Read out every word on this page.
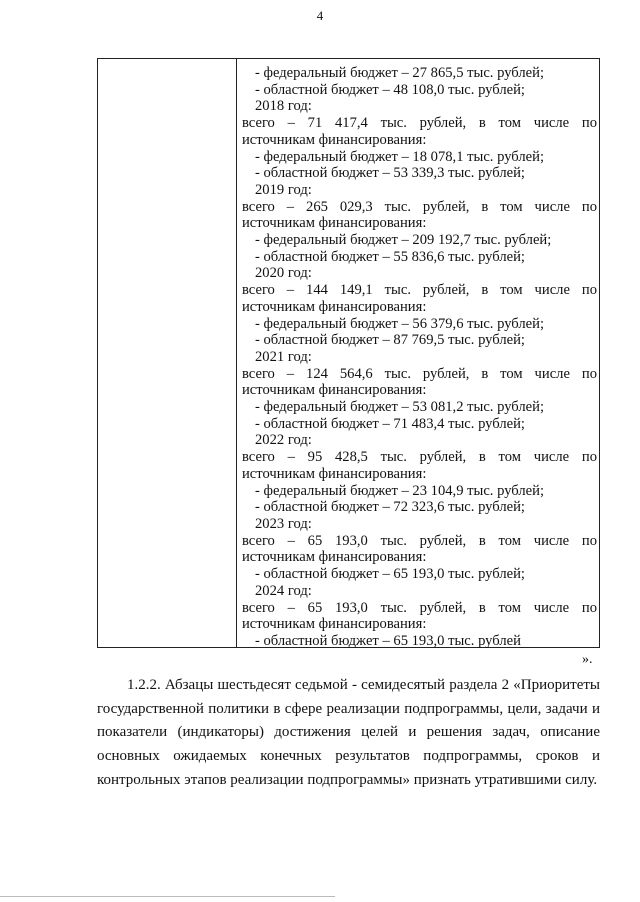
4
- федеральный бюджет – 27 865,5 тыс. рублей;
- областной бюджет – 48 108,0 тыс. рублей;
2018 год:
всего – 71 417,4 тыс. рублей, в том числе по
источникам финансирования:
- федеральный бюджет – 18 078,1 тыс. рублей;
- областной бюджет – 53 339,3 тыс. рублей;
2019 год:
всего – 265 029,3 тыс. рублей, в том числе по
источникам финансирования:
- федеральный бюджет – 209 192,7 тыс. рублей;
- областной бюджет – 55 836,6 тыс. рублей;
2020 год:
всего – 144 149,1 тыс. рублей, в том числе по
источникам финансирования:
- федеральный бюджет – 56 379,6 тыс. рублей;
- областной бюджет – 87 769,5 тыс. рублей;
2021 год:
всего – 124 564,6 тыс. рублей, в том числе по
источникам финансирования:
- федеральный бюджет – 53 081,2 тыс. рублей;
- областной бюджет – 71 483,4 тыс. рублей;
2022 год:
всего – 95 428,5 тыс. рублей, в том числе по
источникам финансирования:
- федеральный бюджет – 23 104,9 тыс. рублей;
- областной бюджет – 72 323,6 тыс. рублей;
2023 год:
всего – 65 193,0 тыс. рублей, в том числе по
источникам финансирования:
- областной бюджет – 65 193,0 тыс. рублей;
2024 год:
всего – 65 193,0 тыс. рублей, в том числе по
источникам финансирования:
- областной бюджет – 65 193,0 тыс. рублей
».
1.2.2. Абзацы шестьдесят седьмой - семидесятый раздела 2 «Приоритеты государственной политики в сфере реализации подпрограммы, цели, задачи и показатели (индикаторы) достижения целей и решения задач, описание основных ожидаемых конечных результатов подпрограммы, сроков и контрольных этапов реализации подпрограммы» признать утратившими силу.
